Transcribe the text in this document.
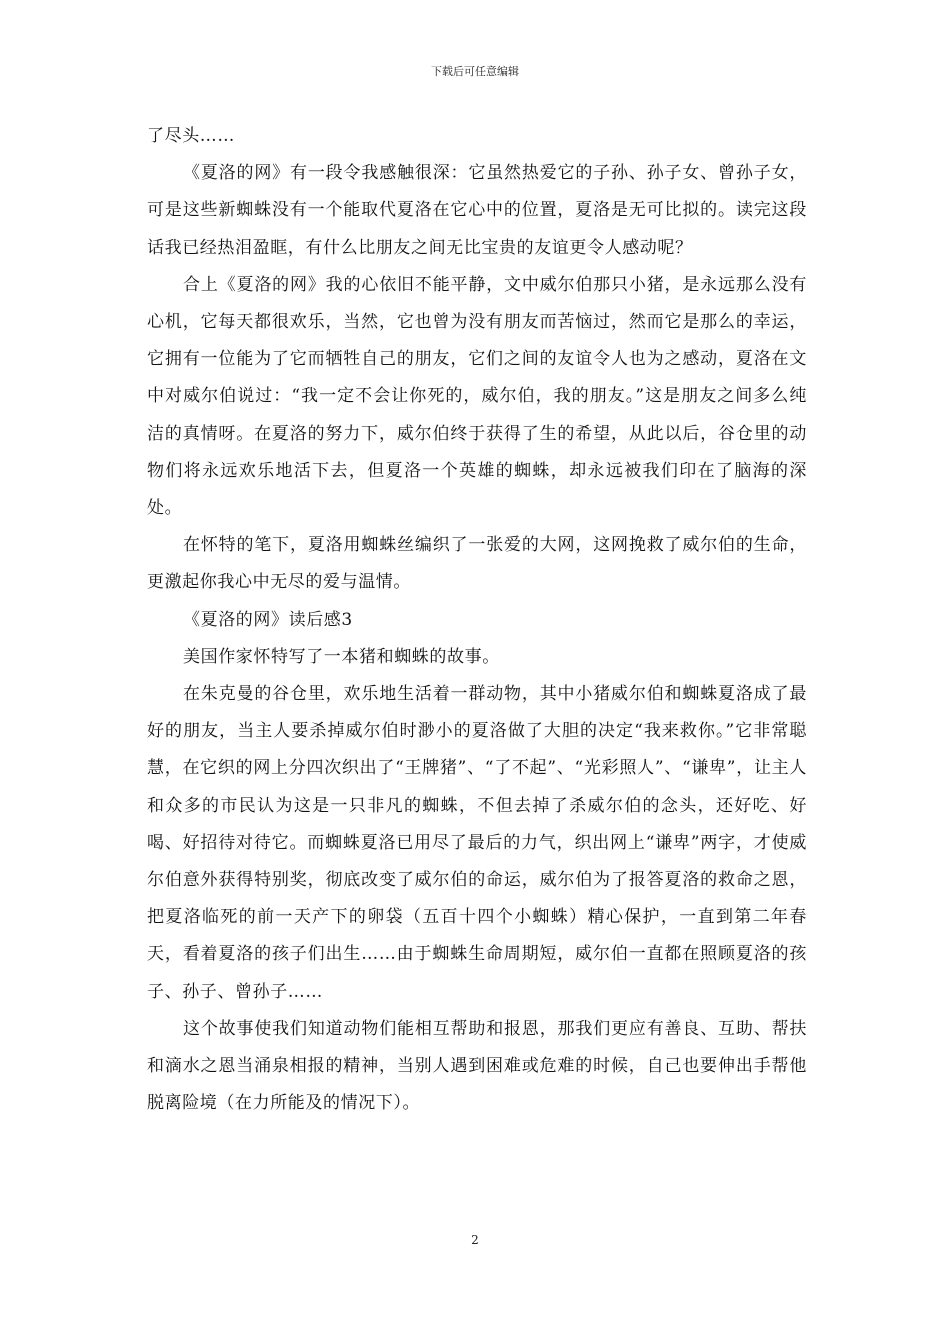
下载后可任意编辑

了尽头……

《夏洛的网》有一段令我感触很深：它虽然热爱它的子孙、孙子女、曾孙子女，可是这些新蜘蛛没有一个能取代夏洛在它心中的位置，夏洛是无可比拟的。读完这段话我已经热泪盈眶，有什么比朋友之间无比宝贵的友谊更令人感动呢？

合上《夏洛的网》我的心依旧不能平静，文中威尔伯那只小猪，是永远那么没有心机，它每天都很欢乐，当然，它也曾为没有朋友而苦恼过，然而它是那么的幸运，它拥有一位能为了它而牺牲自己的朋友，它们之间的友谊令人也为之感动，夏洛在文中对威尔伯说过：“我一定不会让你死的，威尔伯，我的朋友。”这是朋友之间多么纯洁的真情呀。在夏洛的努力下，威尔伯终于获得了生的希望，从此以后，谷仓里的动物们将永远欢乐地活下去，但夏洛一个英雄的蜘蛛，却永远被我们印在了脑海的深处。

在怀特的笔下，夏洛用蜘蛛丝编织了一张爱的大网，这网挽救了威尔伯的生命，更激起你我心中无尽的爱与温情。

《夏洛的网》读后感3

美国作家怀特写了一本猪和蜘蛛的故事。

在朱克曼的谷仓里，欢乐地生活着一群动物，其中小猪威尔伯和蜘蛛夏洛成了最好的朋友，当主人要杀掉威尔伯时渺小的夏洛做了大胆的决定“我来救你。”它非常聪慧，在它织的网上分四次织出了“王牌猪”、“了不起”、“光彩照人”、“谦卑”，让主人和众多的市民认为这是一只非凡的蜘蛛，不但去掉了杀威尔伯的念头，还好吃、好喝、好招待对待它。而蜘蛛夏洛已用尽了最后的力气，织出网上“谦卑”两字，才使威尔伯意外获得特别奖，彻底改变了威尔伯的命运，威尔伯为了报答夏洛的救命之恩，把夏洛临死的前一天产下的卵袋（五百十四个小蜘蛛）精心保护，一直到第二年春天，看着夏洛的孩子们出生……由于蜘蛛生命周期短，威尔伯一直都在照顾夏洛的孩子、孙子、曾孙子……

这个故事使我们知道动物们能相互帮助和报恩，那我们更应有善良、互助、帮扶和滴水之恩当涌泉相报的精神，当别人遇到困难或危难的时候，自己也要伸出手帮他脱离险境（在力所能及的情况下）。

2
